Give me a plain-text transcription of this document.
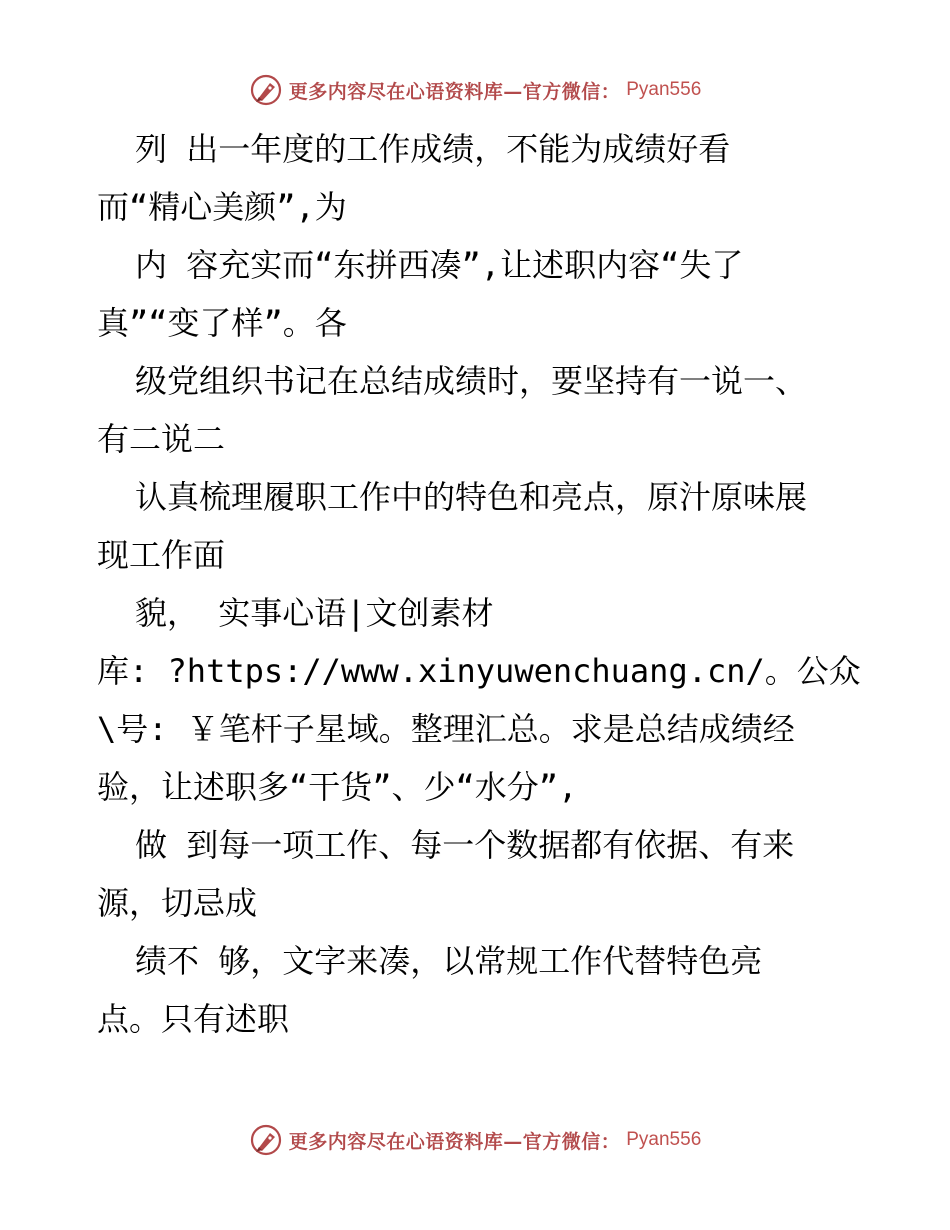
更多内容尽在心语资料库—官方微信： Pyan556
列 出一年度的工作成绩，不能为成绩好看
而“精心美颜”,为
内 容充实而“东拼西凑”,让述职内容“失了
真”“变了样”。各
级党组织书记在总结成绩时，要坚持有一说一、
有二说二
认真梳理履职工作中的特色和亮点，原汁原味展
现工作面
貌， 实事心语|文创素材
库: ?https://www.xinyuwenchuang.cn/。公众
\号: ￥笔杆子星域。整理汇总。求是总结成绩经
验，让述职多“干货”、少“水分”,
做 到每一项工作、每一个数据都有依据、有来
源，切忌成
绩不 够，文字来凑，以常规工作代替特色亮
点。只有述职
更多内容尽在心语资料库—官方微信： Pyan556
